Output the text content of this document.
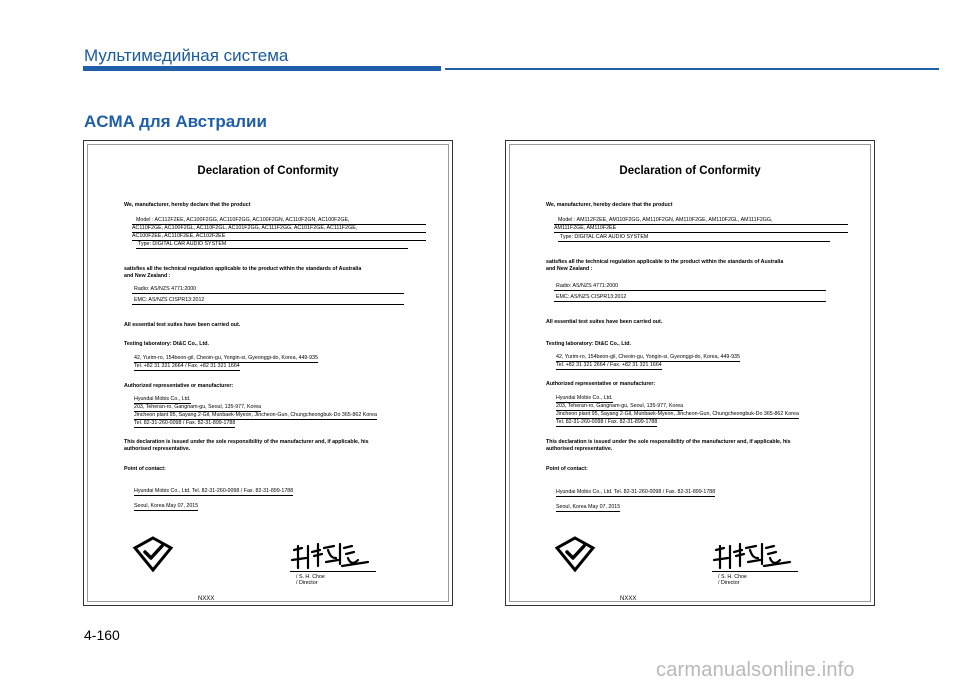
Мультимедийная система
ACMA для Австралии
Declaration of Conformity
We, manufacturer, hereby declare that the product
Model : AC112F2EE, AC100F2GG, AC110F2GG, AC100F2GN, AC110F2GN, AC100F2GE,
AC110F2GE, AC100F2GL, AC110F2GL, AC101F2GG, AC111F2GG, AC101F2GE, AC111F2GE,
AC100F2EE, AC110F2EE, AC102F2EE
Type: DIGITAL CAR AUDIO SYSTEM
satisfies all the technical regulation applicable to the product within the standards of Australia
and New Zealand :
Radio: AS/NZS 4771:2000
EMC: AS/NZS CISPR13:2012
All essential test suites have been carried out.
Testing laboratory: Dt&C Co., Ltd.
42, Yurim-ro, 154beon-gil, Cheoin-gu, Yongin-si, Gyeonggi-do, Korea, 449-935
Tel. +82 31 321 2664 / Fax. +82 31 321 1664
Authorized representative or manufacturer:
Hyundai Mobis Co., Ltd.
203, Teheran-ro, Gangnam-gu, Seoul, 135-977, Korea
Jincheon plant 95, Sayang 2-Gil, Munbaek-Myeon, Jincheon-Gun, Chungcheongbuk-Do 365-862 Korea
Tel. 82-31-260-0098 / Fax. 82-31-899-1788
This declaration is issued under the sole responsibility of the manufacturer and, if applicable, his
authorised representative.
Point of contact:
Hyundai Mobis Co., Ltd. Tel. 82-31-260-0098 / Fax. 82-31-899-1788
Seoul, Korea May 07, 2015
/ S. H. Choe
/ Director
NXXX
Declaration of Conformity
We, manufacturer, hereby declare that the product
Model : AM112F2EE, AM110F2GG, AM110F2GN, AM110F2GE, AM110F2GL, AM111F2GG,
AM111F2GE, AM110F2EE
Type: DIGITAL CAR AUDIO SYSTEM
satisfies all the technical regulation applicable to the product within the standards of Australia
and New Zealand :
Radio: AS/NZS 4771:2000
EMC: AS/NZS CISPR13:2012
All essential test suites have been carried out.
Testing laboratory: Dt&C Co., Ltd.
42, Yurim-ro, 154beon-gil, Cheoin-gu, Yongin-si, Gyeonggi-do, Korea, 449-935
Tel. +82 31 321 2664 / Fax. +82 31 321 1664
Authorized representative or manufacturer:
Hyundai Mobis Co., Ltd.
203, Teheran-ro, Gangnam-gu, Seoul, 135-977, Korea
Jincheon plant 95, Sayang 2-Gil, Munbaek-Myeon, Jincheon-Gun, Chungcheongbuk-Do 365-862 Korea
Tel. 82-31-260-0098 / Fax. 82-31-899-1788
This declaration is issued under the sole responsibility of the manufacturer and, if applicable, his
authorised representative.
Point of contact:
Hyundai Mobis Co., Ltd. Tel. 82-31-260-0098 / Fax. 82-31-899-1788
Seoul, Korea May 07, 2015
/ S. H. Choe
/ Director
NXXX
4-160
carmanualsonline.info
